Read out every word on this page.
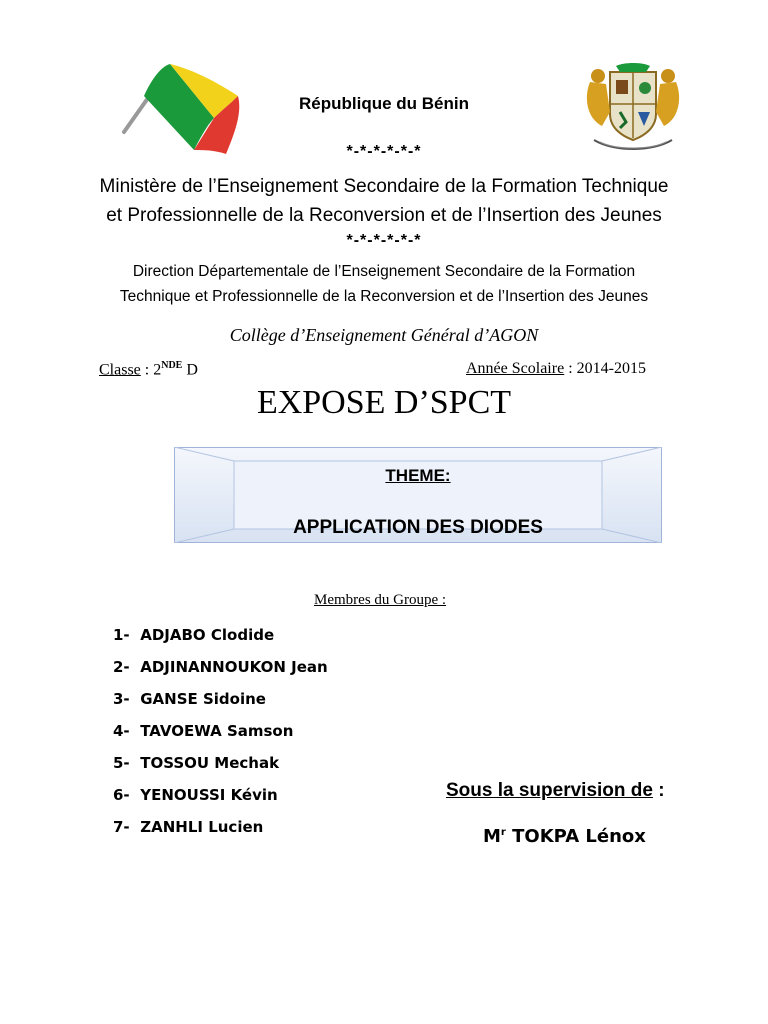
République du Bénin
*-*-*-*-*-*
Ministère de l’Enseignement Secondaire de la Formation Technique
et Professionnelle de la Reconversion et de l’Insertion des Jeunes
*-*-*-*-*-*
Direction Départementale de l’Enseignement Secondaire de la Formation
Technique et Professionnelle de la Reconversion et de l’Insertion des Jeunes
Collège d’Enseignement Général d’AGON
Classe : 2NDE D	Année Scolaire : 2014-2015
EXPOSE D’SPCT
THEME:
APPLICATION DES DIODES
Membres du Groupe :
1- ADJABO Clodide
2- ADJINANNOUKON Jean
3- GANSE Sidoine
4- TAVOEWA Samson
5- TOSSOU Mechak
6- YENOUSSI Kévin
7- ZANHLI Lucien
Sous la supervision de :
$M^r$ TOKPA Lénox
